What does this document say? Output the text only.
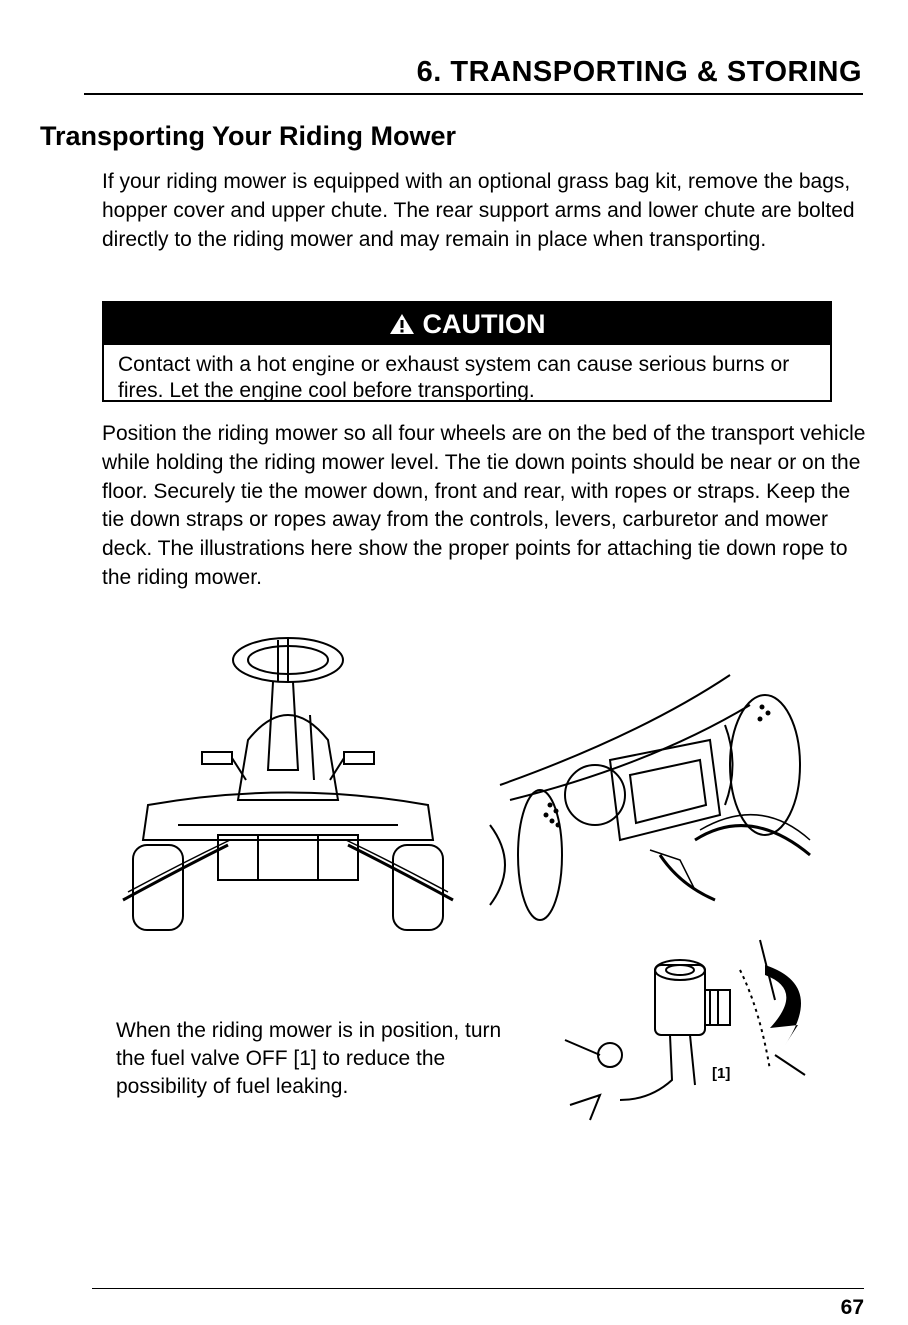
6. TRANSPORTING & STORING
Transporting Your Riding Mower
If your riding mower is equipped with an optional grass bag kit, remove the bags, hopper cover and upper chute. The rear support arms and lower chute are bolted directly to the riding mower and may remain in place when transporting.
CAUTION
Contact with a hot engine or exhaust system can cause serious burns or fires. Let the engine cool before transporting.
Position the riding mower so all four wheels are on the bed of the transport vehicle while holding the riding mower level. The tie down points should be near or on the floor. Securely tie the mower down, front and rear, with ropes or straps. Keep the tie down straps or ropes away from the controls, levers, carburetor and mower deck. The illustrations here show the proper points for attaching tie down rope to the riding mower.
[1]
When the riding mower is in position, turn the fuel valve OFF [1] to reduce the possibility of fuel leaking.
67
